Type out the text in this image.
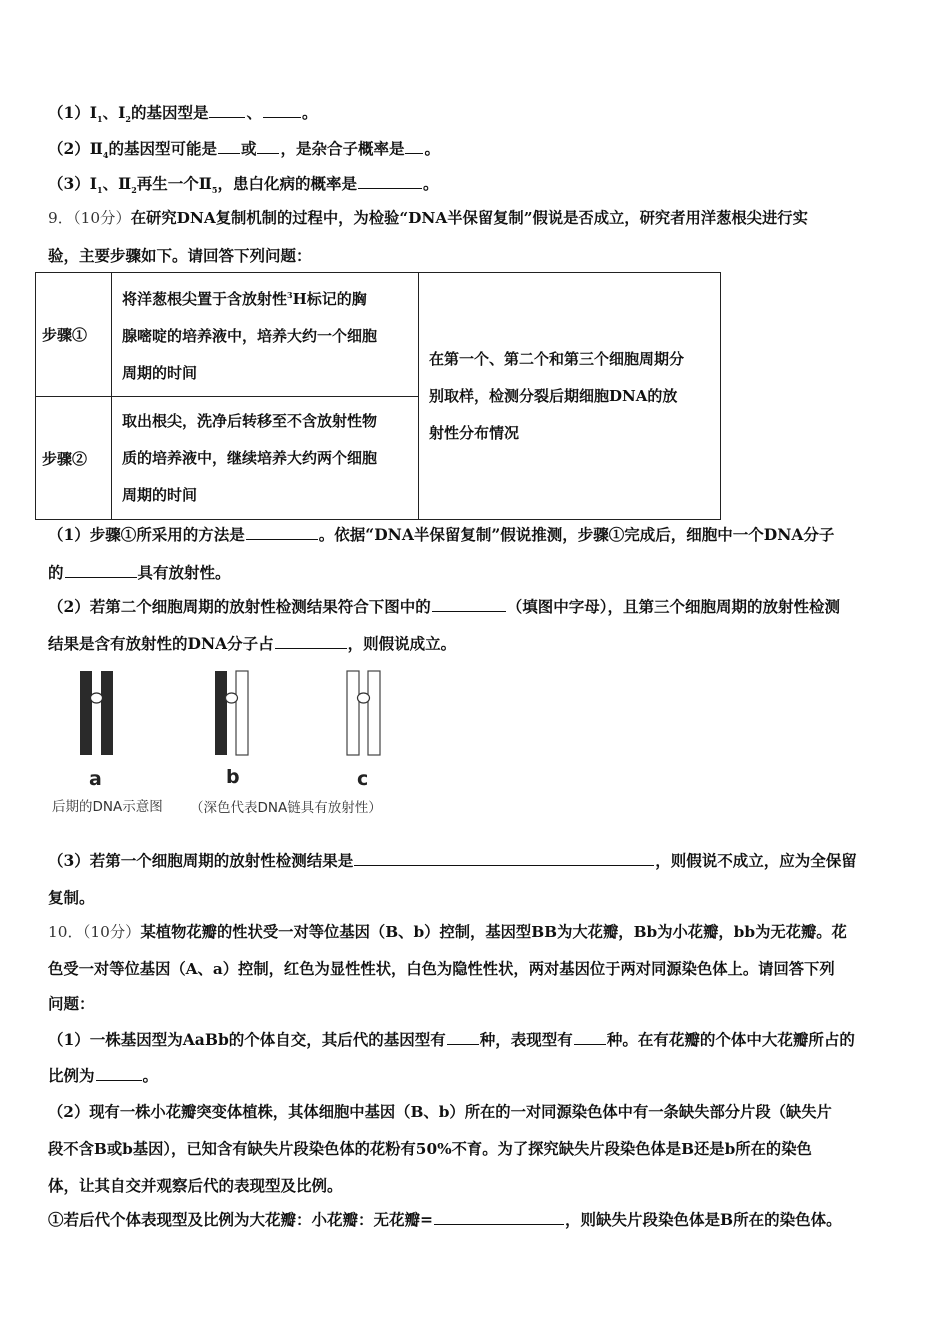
$(1)Ⅰ_1$、$Ⅰ_2$的基因型是 、	。
$(2)Ⅱ_4$的基因型可能是 或 ，是杂合子概率是 。
$(3)Ⅰ_1$、$Ⅱ_2$再生一个$Ⅱ_5$，患白化病的概率是	。
9．（10分）在研究DNA复制机制的过程中，为检验“DNA半保留复制”假说是否成立，研究者用洋葱根尖进行实
验，主要步骤如下。请回答下列问题：
步骤①	将洋葱根尖置于含放射性$^3$H标记的胸
腺嘧啶的培养液中，培养大约一个细胞
周期的时间	在第一个、第二个和第三个细胞周期分
别取样，检测分裂后期细胞DNA的放
射性分布情况

步骤②	取出根尖，洗净后转移至不含放射性物
质的培养液中，继续培养大约两个细胞
周期的时间	
（1）步骤①所采用的方法是	。依据“DNA半保留复制”假说推测，步骤①完成后，细胞中一个DNA分子
的	具有放射性。
（2）若第二个细胞周期的放射性检测结果符合下图中的	（填图中字母），且第三个细胞周期的放射性检测
结果是含有放射性的DNA分子占	，则假说成立。
a	b	c
后期的DNA示意图 （深色代表DNA链具有放射性）
（3）若第一个细胞周期的放射性检测结果是	，则假说不成立，应为全保留
复制。
10．（10分）某植物花瓣的性状受一对等位基因（B、b）控制，基因型BB为大花瓣，Bb为小花瓣，bb为无花瓣。花
色受一对等位基因（A、a）控制，红色为显性性状，白色为隐性性状，两对基因位于两对同源染色体上。请回答下列
问题：
（1）一株基因型为AaBb的个体自交，其后代的基因型有 种，表现型有 种。在有花瓣的个体中大花瓣所占的
比例为	。
（2）现有一株小花瓣突变体植株，其体细胞中基因（B、b）所在的一对同源染色体中有一条缺失部分片段（缺失片
段不含B或b基因），已知含有缺失片段染色体的花粉有50%不育。为了探究缺失片段染色体是B还是b所在的染色
体，让其自交并观察后代的表现型及比例。
①若后代个体表现型及比例为大花瓣：小花瓣：无花瓣=	，则缺失片段染色体是B所在的染色体。
